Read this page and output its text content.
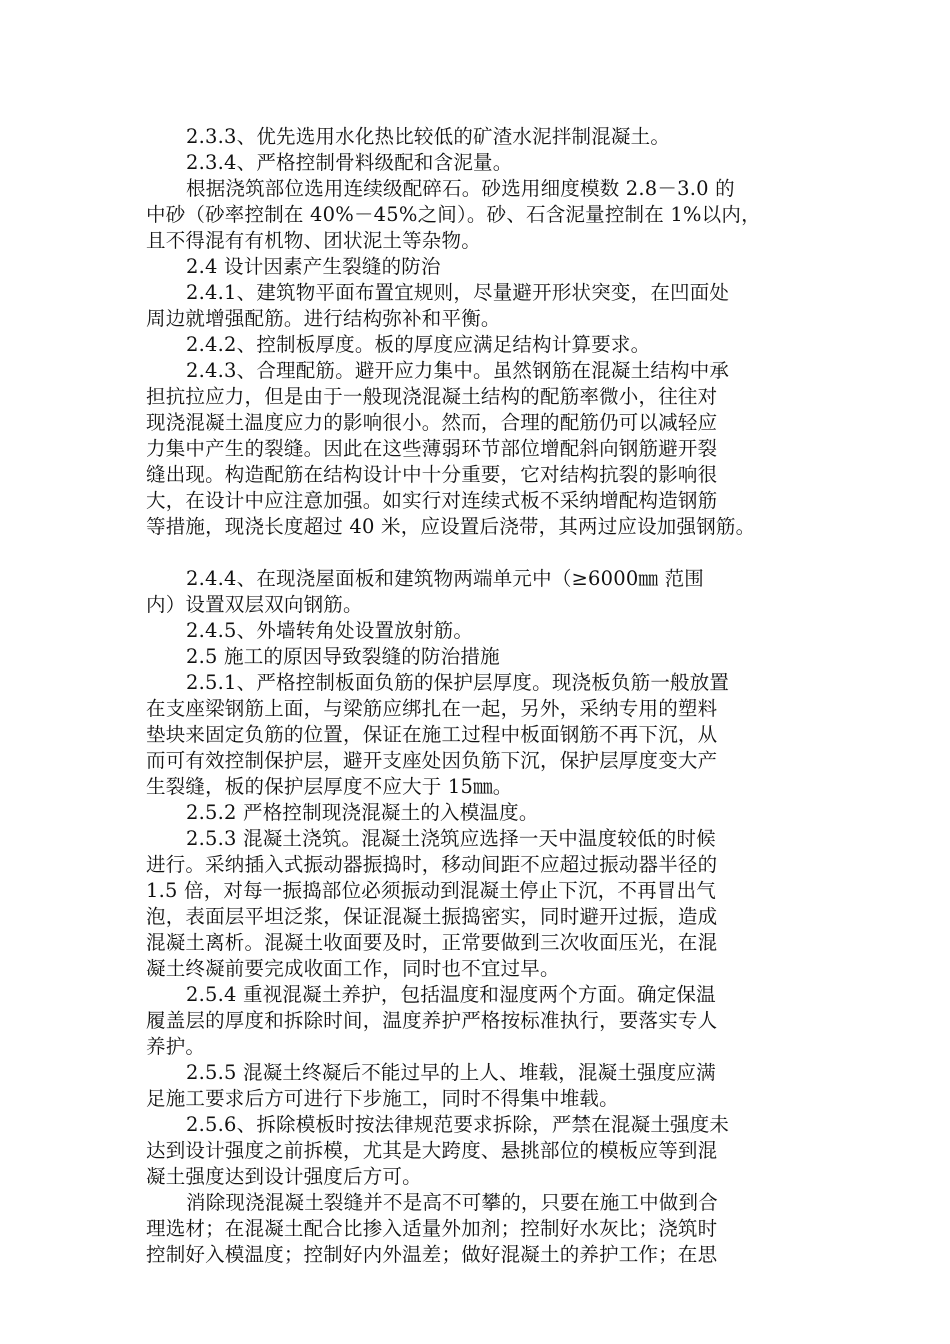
2.3.3、优先选用水化热比较低的矿渣水泥拌制混凝土。
2.3.4、严格控制骨料级配和含泥量。
根据浇筑部位选用连续级配碎石。砂选用细度模数 2.8－3.0 的
中砂（砂率控制在 40%－45%之间）。砂、石含泥量控制在 1%以内，
且不得混有有机物、团状泥土等杂物。
2.4 设计因素产生裂缝的防治
2.4.1、建筑物平面布置宜规则，尽量避开形状突变，在凹面处
周边就增强配筋。进行结构弥补和平衡。
2.4.2、控制板厚度。板的厚度应满足结构计算要求。
2.4.3、合理配筋。避开应力集中。虽然钢筋在混凝土结构中承
担抗拉应力，但是由于一般现浇混凝土结构的配筋率微小，往往对
现浇混凝土温度应力的影响很小。然而，合理的配筋仍可以减轻应
力集中产生的裂缝。因此在这些薄弱环节部位增配斜向钢筋避开裂
缝出现。构造配筋在结构设计中十分重要，它对结构抗裂的影响很
大，在设计中应注意加强。如实行对连续式板不采纳增配构造钢筋
等措施，现浇长度超过 40 米，应设置后浇带，其两过应设加强钢筋。
2.4.4、在现浇屋面板和建筑物两端单元中（≥6000㎜ 范围
内）设置双层双向钢筋。
2.4.5、外墙转角处设置放射筋。
2.5 施工的原因导致裂缝的防治措施
2.5.1、严格控制板面负筋的保护层厚度。现浇板负筋一般放置
在支座梁钢筋上面，与梁筋应绑扎在一起，另外，采纳专用的塑料
垫块来固定负筋的位置，保证在施工过程中板面钢筋不再下沉，从
而可有效控制保护层，避开支座处因负筋下沉，保护层厚度变大产
生裂缝，板的保护层厚度不应大于 15㎜。
2.5.2 严格控制现浇混凝土的入模温度。
2.5.3 混凝土浇筑。混凝土浇筑应选择一天中温度较低的时候
进行。采纳插入式振动器振捣时，移动间距不应超过振动器半径的
1.5 倍，对每一振捣部位必须振动到混凝土停止下沉，不再冒出气
泡，表面层平坦泛浆，保证混凝土振捣密实，同时避开过振，造成
混凝土离析。混凝土收面要及时，正常要做到三次收面压光，在混
凝土终凝前要完成收面工作，同时也不宜过早。
2.5.4 重视混凝土养护，包括温度和湿度两个方面。确定保温
履盖层的厚度和拆除时间，温度养护严格按标准执行，要落实专人
养护。
2.5.5 混凝土终凝后不能过早的上人、堆载，混凝土强度应满
足施工要求后方可进行下步施工，同时不得集中堆载。
2.5.6、拆除模板时按法律规范要求拆除，严禁在混凝土强度未
达到设计强度之前拆模，尤其是大跨度、悬挑部位的模板应等到混
凝土强度达到设计强度后方可。
消除现浇混凝土裂缝并不是高不可攀的，只要在施工中做到合
理选材；在混凝土配合比掺入适量外加剂；控制好水灰比；浇筑时
控制好入模温度；控制好内外温差；做好混凝土的养护工作；在思
